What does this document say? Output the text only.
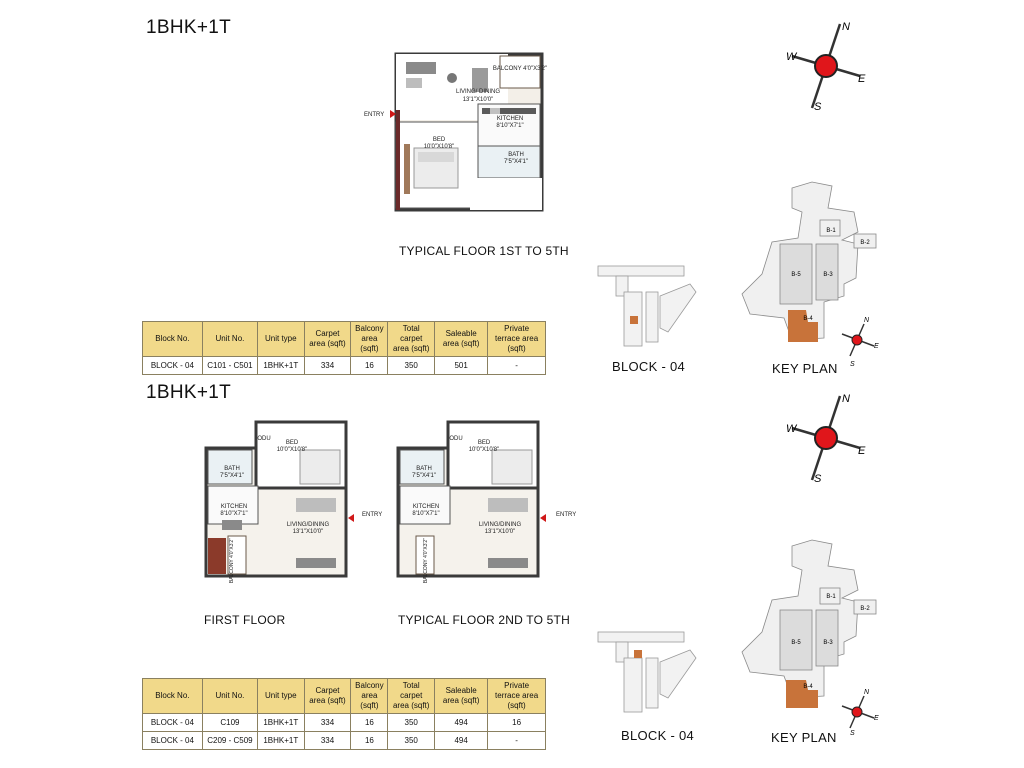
1BHK+1T
LIVING/ DINING
13'1"X10'0"
KITCHEN
8'10"X7'1"
BED
10'0"X10'8"
BATH
7'5"X4'1"
BALCONY 4'0"X3'2"
ENTRY
TYPICAL FLOOR 1ST TO 5TH
Block No.	Unit No.	Unit type	Carpet area (sqft)	Balcony area (sqft)	Total carpet area (sqft)	Saleable area (sqft)	Private terrace area (sqft)
BLOCK - 04	C101 - C501	1BHK+1T	334	16	350	501	-
N
W
E
S
BLOCK - 04
B-1
B-2
B-5	B-3
B-4	N
E
S
KEY PLAN
1BHK+1T
BED
10'0"X10'8"
BATH
7'5"X4'1"
KITCHEN
8'10"X7'1"
LIVING/DINING
13'1"X10'0"
ODU
PRIVATE TERRACE	BALCONY 4'0"X3'2"
ENTRY
FIRST FLOOR
BED
10'0"X10'8"
BATH
7'5"X4'1"
KITCHEN
8'10"X7'1"
LIVING/DINING
13'1"X10'0"
ODU
BALCONY 4'0"X3'2"
ENTRY
TYPICAL FLOOR 2ND TO 5TH
Block No.	Unit No.	Unit type	Carpet area (sqft)	Balcony area (sqft)	Total carpet area (sqft)	Saleable area (sqft)	Private terrace area (sqft)
BLOCK - 04	C109	1BHK+1T	334	16	350	494	16
BLOCK - 04	C209 - C509	1BHK+1T	334	16	350	494	-
N
W
E
S
BLOCK - 04
B-1
B-2
B-5	B-3
B-4
N
E
S
KEY PLAN
